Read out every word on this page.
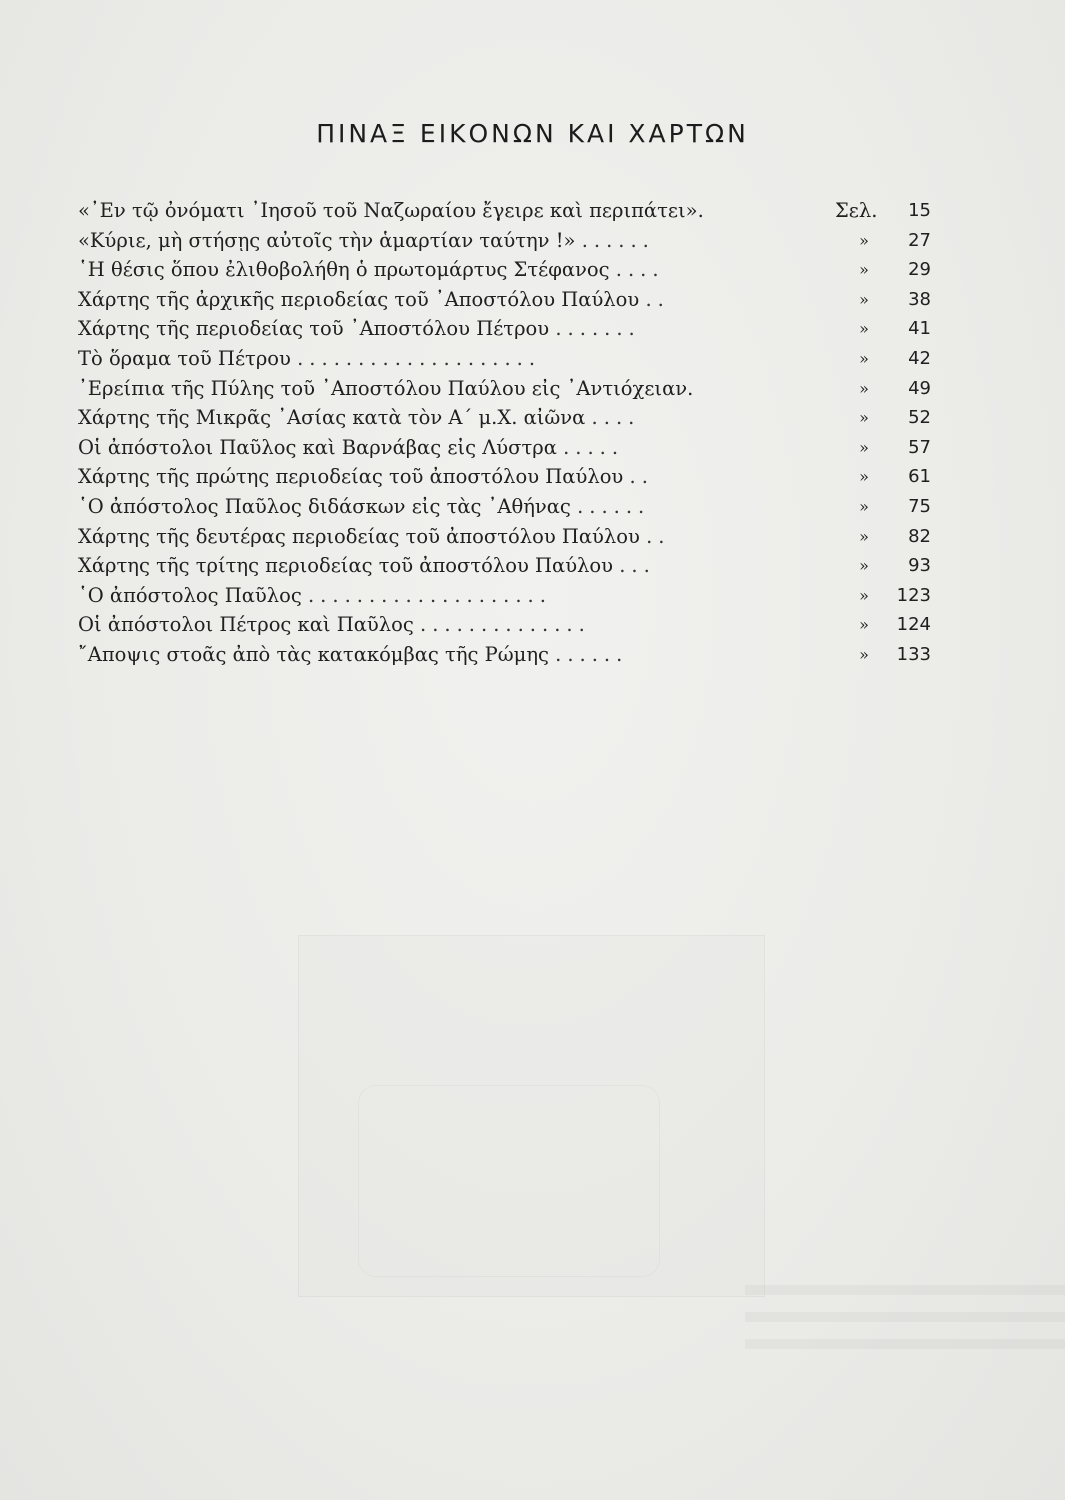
ΠΙΝΑΞ ΕΙΚΟΝΩΝ ΚΑΙ ΧΑΡΤΩΝ
«᾿Εν τῷ ὀνόματι ᾿Ιησοῦ τοῦ Ναζωραίου ἔγειρε καὶ περιπάτει».	Σελ. 15
«Κύριε, μὴ στήσῃς αὐτοῖς τὴν ἁμαρτίαν ταύτην !» ......	» 27
῾Η θέσις ὅπου ἐλιθοβολήθη ὁ πρωτομάρτυς Στέφανος ....	» 29
Χάρτης τῆς ἀρχικῆς περιοδείας τοῦ ᾿Αποστόλου Παύλου ..	» 38
Χάρτης τῆς περιοδείας τοῦ ᾿Αποστόλου Πέτρου .......	» 41
Τὸ ὅραμα τοῦ Πέτρου ....................	» 42
᾿Ερείπια τῆς Πύλης τοῦ ᾿Αποστόλου Παύλου εἰς ᾿Αντιόχειαν.	» 49
Χάρτης τῆς Μικρᾶς ᾿Ασίας κατὰ τὸν Α΄ μ.Χ. αἰῶνα ....	» 52
Οἱ ἀπόστολοι Παῦλος καὶ Βαρνάβας εἰς Λύστρα .....	» 57
Χάρτης τῆς πρώτης περιοδείας τοῦ ἀποστόλου Παύλου ..	» 61
῾Ο ἀπόστολος Παῦλος διδάσκων εἰς τὰς ᾿Αθήνας ......	» 75
Χάρτης τῆς δευτέρας περιοδείας τοῦ ἀποστόλου Παύλου ..	» 82
Χάρτης τῆς τρίτης περιοδείας τοῦ ἀποστόλου Παύλου ...	» 93
῾Ο ἀπόστολος Παῦλος ....................	» 123
Οἱ ἀπόστολοι Πέτρος καὶ Παῦλος ..............	» 124
῎Αποψις στοᾶς ἀπὸ τὰς κατακόμβας τῆς Ρώμης ......	» 133
